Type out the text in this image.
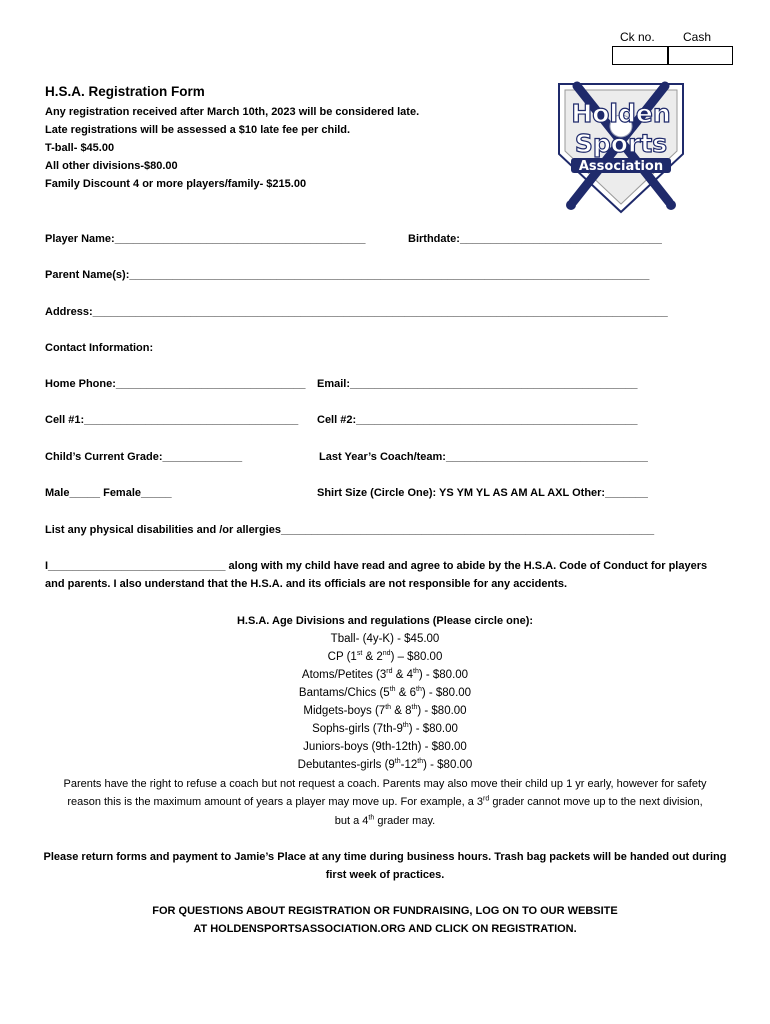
Ck no. Cash
H.S.A. Registration Form
Any registration received after March 10th, 2023 will be considered late.
Late registrations will be assessed a $10 late fee per child.
T-ball- $45.00
All other divisions-$80.00
Family Discount 4 or more players/family- $215.00
Holden
Sports
Association
Player Name:_________________________________________	Birthdate:_________________________________
Parent Name(s):_____________________________________________________________________________________
Address:______________________________________________________________________________________________
Contact Information:
Home Phone:_______________________________ Email:_______________________________________________
Cell #1:___________________________________ Cell #2:______________________________________________
Child’s Current Grade:_____________	Last Year’s Coach/team:_________________________________
Male_____ Female_____	Shirt Size (Circle One): YS YM YL AS AM AL AXL Other:_______
List any physical disabilities and /or allergies_____________________________________________________________
I_____________________________ along with my child have read and agree to abide by the H.S.A. Code of Conduct for players
and parents. I also understand that the H.S.A. and its officials are not responsible for any accidents.
H.S.A. Age Divisions and regulations (Please circle one):
Tball- (4y-K) - $45.00
CP (1st & 2nd) – $80.00
Atoms/Petites (3rd & 4th) - $80.00
Bantams/Chics (5th & 6th) - $80.00
Midgets-boys (7th & 8th) - $80.00
Sophs-girls (7th-9th) - $80.00
Juniors-boys (9th-12th) - $80.00
Debutantes-girls (9th-12th) - $80.00
Parents have the right to refuse a coach but not request a coach. Parents may also move their child up 1 yr early, however for safety
reason this is the maximum amount of years a player may move up. For example, a 3rd grader cannot move up to the next division,
but a 4th grader may.
Please return forms and payment to Jamie’s Place at any time during business hours. Trash bag packets will be handed out during
first week of practices.
FOR QUESTIONS ABOUT REGISTRATION OR FUNDRAISING, LOG ON TO OUR WEBSITE
AT HOLDENSPORTSASSOCIATION.ORG AND CLICK ON REGISTRATION.
